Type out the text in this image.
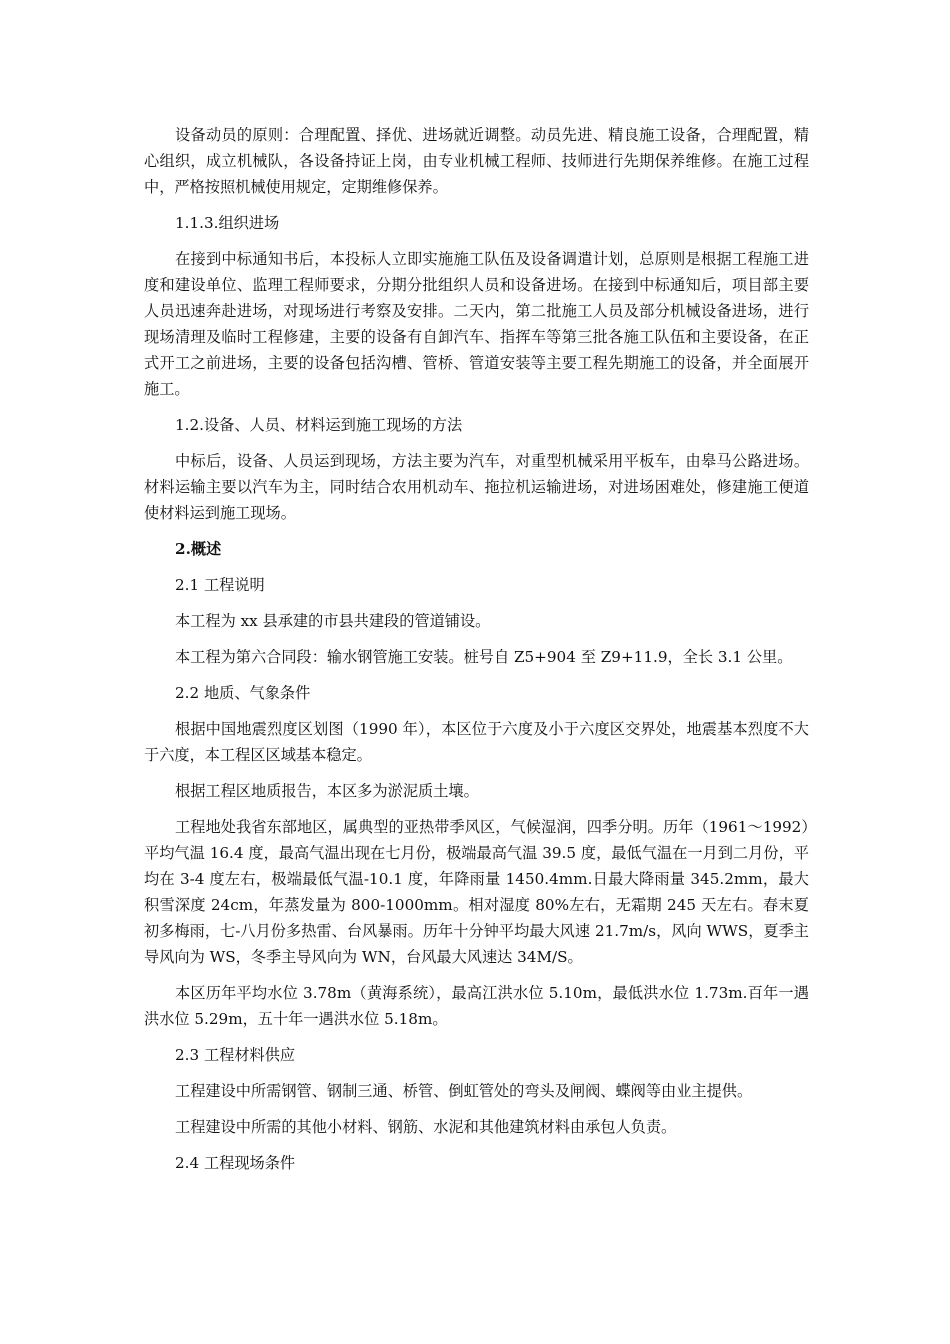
设备动员的原则：合理配置、择优、进场就近调整。动员先进、精良施工设备，合理配置，精心组织，成立机械队，各设备持证上岗，由专业机械工程师、技师进行先期保养维修。在施工过程中，严格按照机械使用规定，定期维修保养。

1.1.3.组织进场

在接到中标通知书后，本投标人立即实施施工队伍及设备调遣计划，总原则是根据工程施工进度和建设单位、监理工程师要求，分期分批组织人员和设备进场。在接到中标通知后，项目部主要人员迅速奔赴进场，对现场进行考察及安排。二天内，第二批施工人员及部分机械设备进场，进行现场清理及临时工程修建，主要的设备有自卸汽车、指挥车等第三批各施工队伍和主要设备，在正式开工之前进场，主要的设备包括沟槽、管桥、管道安装等主要工程先期施工的设备，并全面展开施工。

1.2.设备、人员、材料运到施工现场的方法

中标后，设备、人员运到现场，方法主要为汽车，对重型机械采用平板车，由皋马公路进场。材料运输主要以汽车为主，同时结合农用机动车、拖拉机运输进场，对进场困难处，修建施工便道使材料运到施工现场。

2.概述

2.1 工程说明

本工程为 xx 县承建的市县共建段的管道铺设。

本工程为第六合同段：输水钢管施工安装。桩号自 Z5+904 至 Z9+11.9，全长 3.1 公里。

2.2 地质、气象条件

根据中国地震烈度区划图（1990 年），本区位于六度及小于六度区交界处，地震基本烈度不大于六度，本工程区区域基本稳定。

根据工程区地质报告，本区多为淤泥质土壤。

工程地处我省东部地区，属典型的亚热带季风区，气候湿润，四季分明。历年（1961～1992）平均气温 16.4 度，最高气温出现在七月份，极端最高气温 39.5 度，最低气温在一月到二月份，平均在 3-4 度左右，极端最低气温-10.1 度，年降雨量 1450.4mm.日最大降雨量 345.2mm，最大积雪深度 24cm，年蒸发量为 800-1000mm。相对湿度 80%左右，无霜期 245 天左右。春末夏初多梅雨，七-八月份多热雷、台风暴雨。历年十分钟平均最大风速 21.7m/s，风向 WWS，夏季主导风向为 WS，冬季主导风向为 WN，台风最大风速达 34M/S。

本区历年平均水位 3.78m（黄海系统），最高江洪水位 5.10m，最低洪水位 1.73m.百年一遇洪水位 5.29m，五十年一遇洪水位 5.18m。

2.3 工程材料供应

工程建设中所需钢管、钢制三通、桥管、倒虹管处的弯头及闸阀、蝶阀等由业主提供。

工程建设中所需的其他小材料、钢筋、水泥和其他建筑材料由承包人负责。

2.4 工程现场条件
